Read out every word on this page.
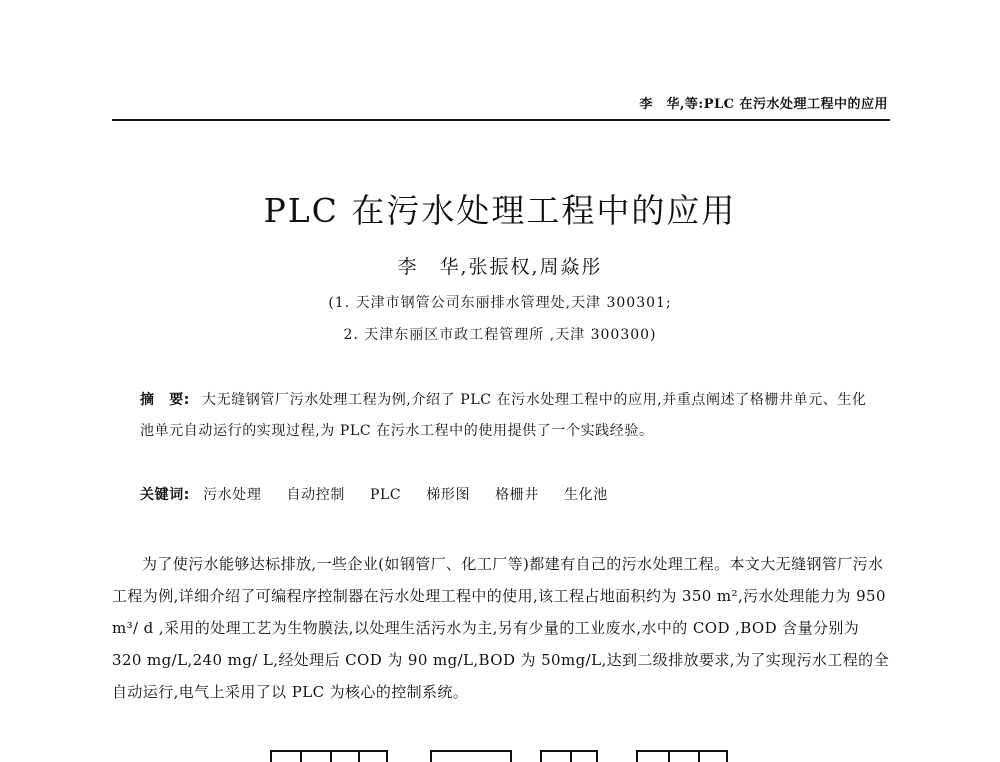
李　华,等:PLC 在污水处理工程中的应用
PLC 在污水处理工程中的应用
李　华,张振权,周焱彤
(1. 天津市钢管公司东丽排水管理处,天津 300301;
2. 天津东丽区市政工程管理所 ,天津 300300)
摘　要: 大无缝钢管厂污水处理工程为例,介绍了 PLC 在污水处理工程中的应用,并重点阐述了格栅井单元、生化池单元自动运行的实现过程,为 PLC 在污水工程中的使用提供了一个实践经验。
关键词: 污水处理 自动控制 PLC 梯形图 格栅井 生化池

为了使污水能够达标排放,一些企业(如钢管厂、化工厂等)都建有自己的污水处理工程。本文大无缝钢管厂污水工程为例,详细介绍了可编程序控制器在污水处理工程中的使用,该工程占地面积约为 350 m²,污水处理能力为 950 m³/ d ,采用的处理工艺为生物膜法,以处理生活污水为主,另有少量的工业废水,水中的 COD ,BOD 含量分别为 320 mg/L,240 mg/ L,经处理后 COD 为 90 mg/L,BOD 为 50mg/L,达到二级排放要求,为了实现污水工程的全自动运行,电气上采用了以 PLC 为核心的控制系统。
